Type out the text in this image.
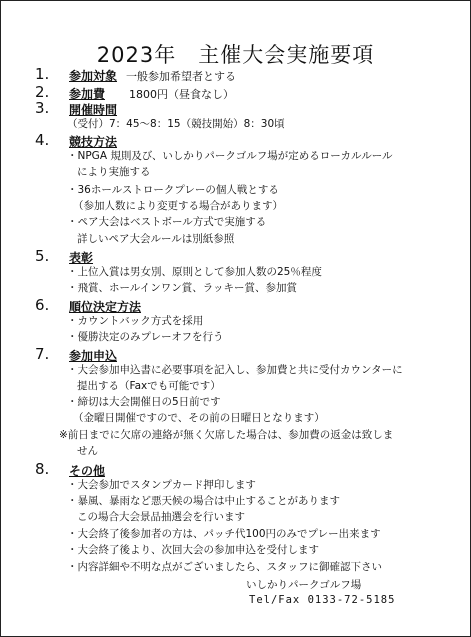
2023年　主催大会実施要項
1. 参加対象 一般参加希望者とする
2. 参加費 1800円（昼食なし）
3. 開催時間
（受付）7：45～8：15（競技開始）8：30頃
4. 競技方法
・NPGA 規則及び、いしかりパークゴルフ場が定めるローカルルール
により実施する
・36ホールストロークプレーの個人戦とする
（参加人数により変更する場合があります）
・ペア大会はベストボール方式で実施する
詳しいペア大会ルールは別紙参照
5. 表彰
・上位入賞は男女別、原則として参加人数の25％程度
・飛賞、ホールインワン賞、ラッキー賞、参加賞
6. 順位決定方法
・カウントバック方式を採用
・優勝決定のみプレーオフを行う
7. 参加申込
・大会参加申込書に必要事項を記入し、参加費と共に受付カウンターに
提出する（Faxでも可能です）
・締切は大会開催日の5日前です
（金曜日開催ですので、その前の日曜日となります）
※前日までに欠席の連絡が無く欠席した場合は、参加費の返金は致しま
せん
8. その他
・大会参加でスタンプカード押印します
・暴風、暴雨など悪天候の場合は中止することがあります
この場合大会景品抽選会を行います
・大会終了後参加者の方は、パッチ代100円のみでプレー出来ます
・大会終了後より、次回大会の参加申込を受付します
・内容詳細や不明な点がございましたら、スタッフに御確認下さい
いしかりパークゴルフ場
Tel/Fax 0133-72-5185
